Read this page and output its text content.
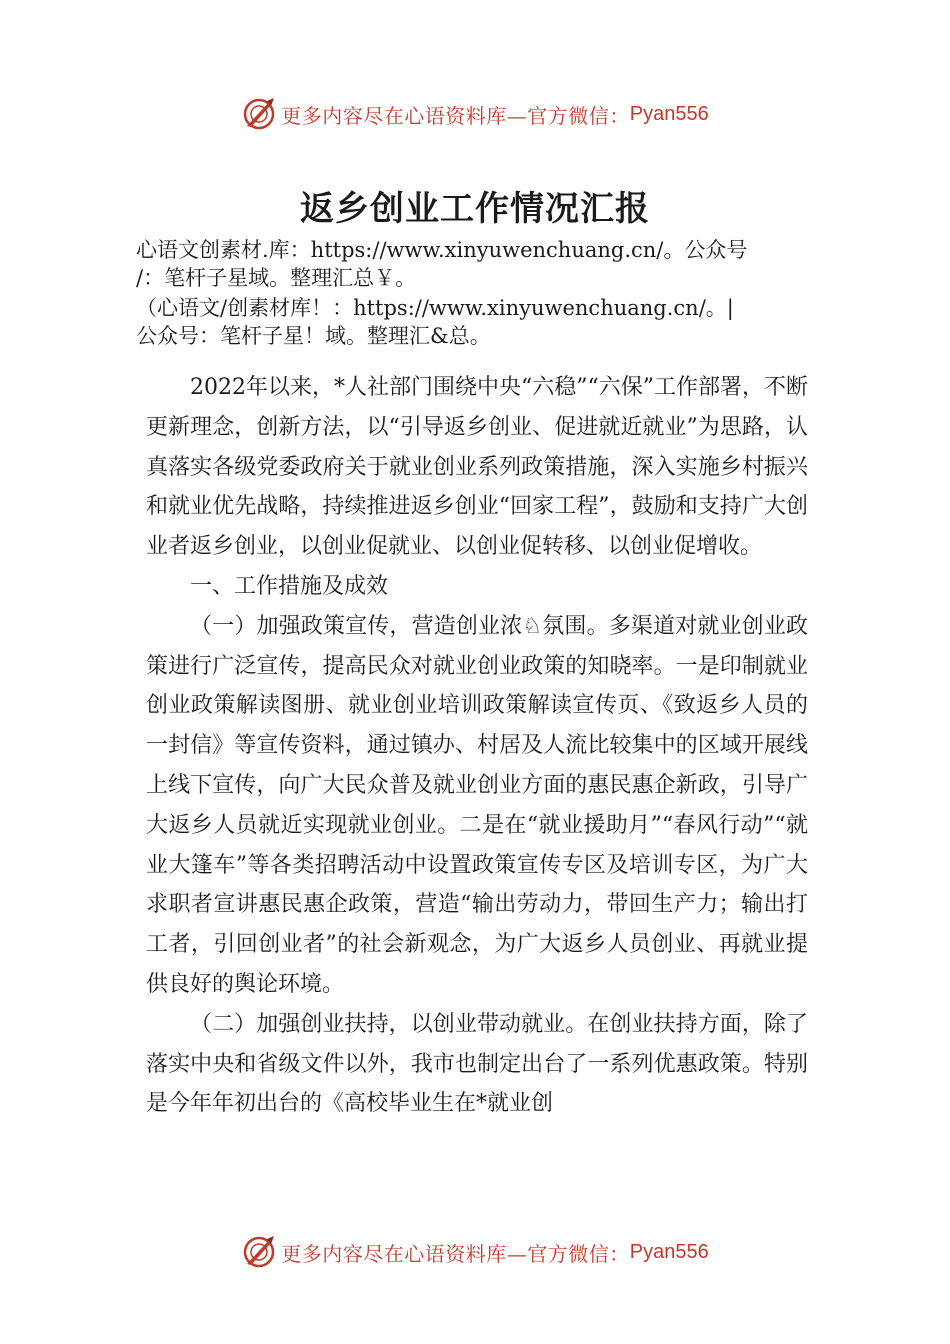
更多内容尽在心语资料库—官方微信： Pyan556
返乡创业工作情况汇报

心语文创素材.库：https://www.xinyuwenchuang.cn/。公众号

/：笔杆子星域。整理汇总￥。

（心语文/创素材库！：https://www.xinyuwenchuang.cn/。|

公众号：笔杆子星！域。整理汇&总。

2022年以来，*人社部门围绕中央“六稳”“六保”工作部署，不断更新理念，创新方法，以“引导返乡创业、促进就近就业”为思路，认真落实各级党委政府关于就业创业系列政策措施，深入实施乡村振兴和就业优先战略，持续推进返乡创业“回家工程”，鼓励和支持广大创业者返乡创业，以创业促就业、以创业促转移、以创业促增收。

一、工作措施及成效

（一）加强政策宣传，营造创业浓♘氛围。多渠道对就业创业政策进行广泛宣传，提高民众对就业创业政策的知晓率。一是印制就业创业政策解读图册、就业创业培训政策解读宣传页、《致返乡人员的一封信》等宣传资料，通过镇办、村居及人流比较集中的区域开展线上线下宣传，向广大民众普及就业创业方面的惠民惠企新政，引导广大返乡人员就近实现就业创业。二是在“就业援助月”“春风行动”“就业大篷车”等各类招聘活动中设置政策宣传专区及培训专区，为广大求职者宣讲惠民惠企政策，营造“输出劳动力，带回生产力；输出打工者，引回创业者”的社会新观念，为广大返乡人员创业、再就业提供良好的舆论环境。

（二）加强创业扶持，以创业带动就业。在创业扶持方面，除了落实中央和省级文件以外，我市也制定出台了一系列优惠政策。特别是今年年初出台的《高校毕业生在*就业创

更多内容尽在心语资料库—官方微信： Pyan556
